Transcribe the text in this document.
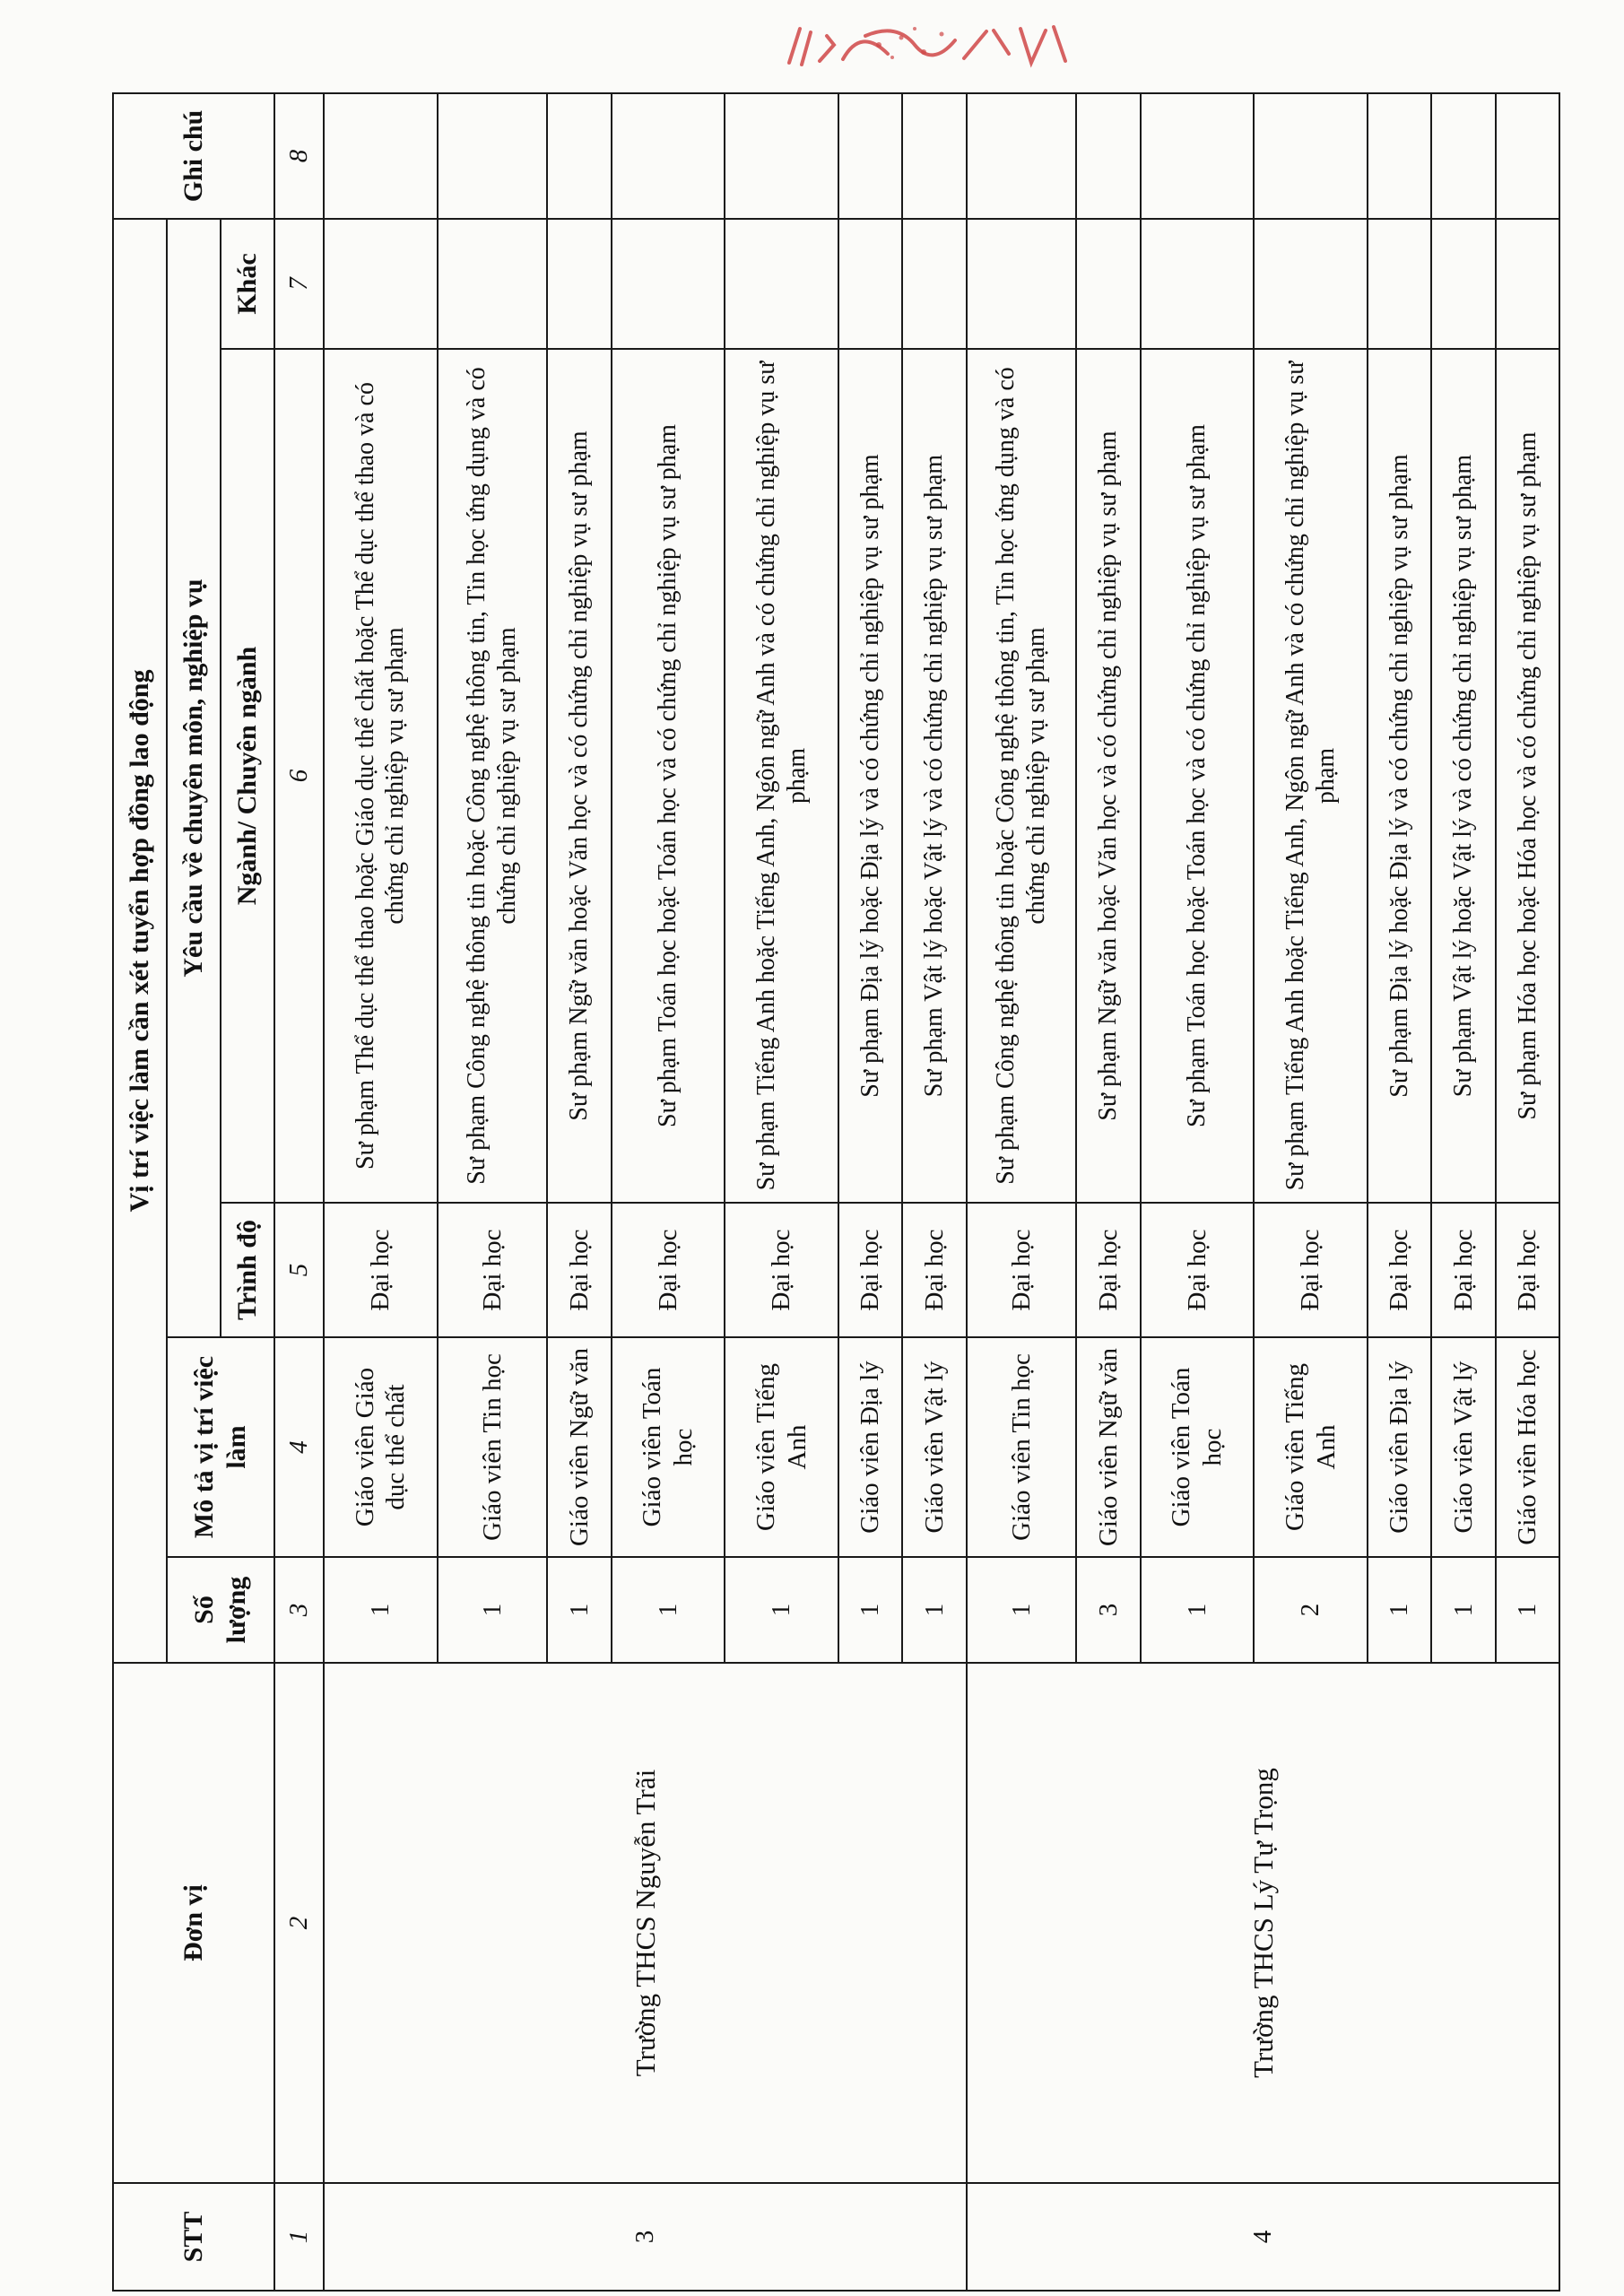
STT	Đơn vị	Vị trí việc làm cần xét tuyển hợp đồng lao động					Ghi chú
		Số lượng	Mô tả vị trí việc làm	Yêu cầu về chuyên môn, nghiệp vụ			
				Trình độ	Ngành/ Chuyên ngành	Khác	
1	2	3	4	5	6	7	8
3	Trường THCS Nguyễn Trãi	1	Giáo viên Giáo dục thể chất	Đại học	Sư phạm Thể dục thể thao hoặc Giáo dục thể chất hoặc Thể dục thể thao và có chứng chỉ nghiệp vụ sư phạm		
		1	Giáo viên Tin học	Đại học	Sư phạm Công nghệ thông tin hoặc Công nghệ thông tin, Tin học ứng dụng và có chứng chỉ nghiệp vụ sư phạm		
		1	Giáo viên Ngữ văn	Đại học	Sư phạm Ngữ văn hoặc Văn học và có chứng chỉ nghiệp vụ sư phạm		
		1	Giáo viên Toán học	Đại học	Sư phạm Toán học hoặc Toán học và có chứng chỉ nghiệp vụ sư phạm		
		1	Giáo viên Tiếng Anh	Đại học	Sư phạm Tiếng Anh hoặc Tiếng Anh, Ngôn ngữ Anh và có chứng chỉ nghiệp vụ sư phạm		
		1	Giáo viên Địa lý	Đại học	Sư phạm Địa lý hoặc Địa lý và có chứng chỉ nghiệp vụ sư phạm		
		1	Giáo viên Vật lý	Đại học	Sư phạm Vật lý hoặc Vật lý và có chứng chỉ nghiệp vụ sư phạm		
4	Trường THCS Lý Tự Trọng	1	Giáo viên Tin học	Đại học	Sư phạm Công nghệ thông tin hoặc Công nghệ thông tin, Tin học ứng dụng và có chứng chỉ nghiệp vụ sư phạm		
		3	Giáo viên Ngữ văn	Đại học	Sư phạm Ngữ văn hoặc Văn học và có chứng chỉ nghiệp vụ sư phạm		
		1	Giáo viên Toán học	Đại học	Sư phạm Toán học hoặc Toán học và có chứng chỉ nghiệp vụ sư phạm		
		2	Giáo viên Tiếng Anh	Đại học	Sư phạm Tiếng Anh hoặc Tiếng Anh, Ngôn ngữ Anh và có chứng chỉ nghiệp vụ sư phạm		
		1	Giáo viên Địa lý	Đại học	Sư phạm Địa lý hoặc Địa lý và có chứng chỉ nghiệp vụ sư phạm		
		1	Giáo viên Vật lý	Đại học	Sư phạm Vật lý hoặc Vật lý và có chứng chỉ nghiệp vụ sư phạm		
		1	Giáo viên Hóa học	Đại học	Sư phạm Hóa học hoặc Hóa học và có chứng chỉ nghiệp vụ sư phạm		
